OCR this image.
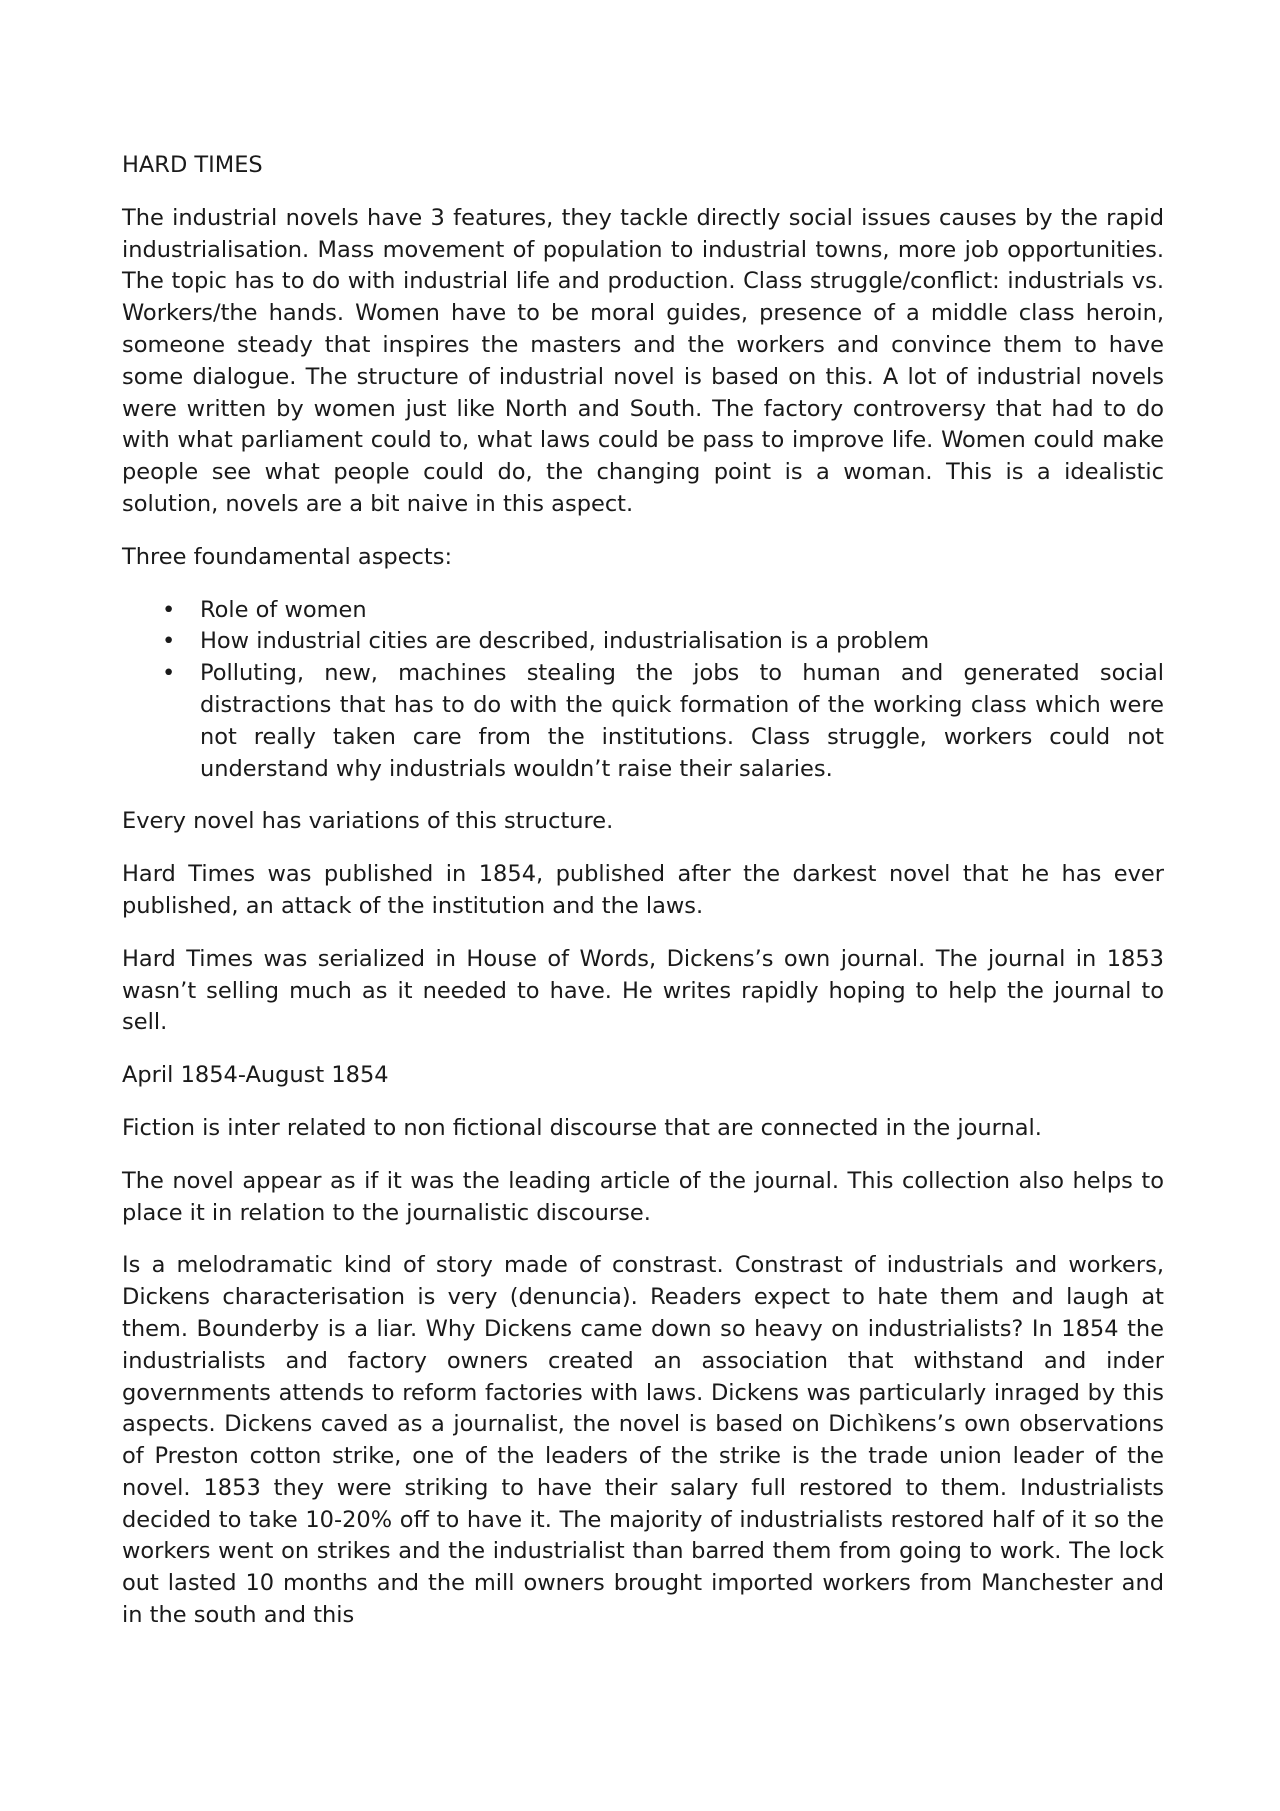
HARD TIMES

The industrial novels have 3 features, they tackle directly social issues causes by the rapid industrialisation. Mass movement of population to industrial towns, more job opportunities. The topic has to do with industrial life and production. Class struggle/conflict: industrials vs. Workers/the hands. Women have to be moral guides, presence of a middle class heroin, someone steady that inspires the masters and the workers and convince them to have some dialogue. The structure of industrial novel is based on this. A lot of industrial novels were written by women just like North and South. The factory controversy that had to do with what parliament could to, what laws could be pass to improve life. Women could make people see what people could do, the changing point is a woman. This is a idealistic solution, novels are a bit naive in this aspect.

Three foundamental aspects:

• Role of women
• How industrial cities are described, industrialisation is a problem
• Polluting, new, machines stealing the jobs to human and generated social distractions that has to do with the quick formation of the working class which were not really taken care from the institutions. Class struggle, workers could not understand why industrials wouldn’t raise their salaries.

Every novel has variations of this structure.

Hard Times was published in 1854, published after the darkest novel that he has ever published, an attack of the institution and the laws.

Hard Times was serialized in House of Words, Dickens’s own journal. The journal in 1853 wasn’t selling much as it needed to have. He writes rapidly hoping to help the journal to sell.

April 1854-August 1854

Fiction is inter related to non fictional discourse that are connected in the journal.

The novel appear as if it was the leading article of the journal. This collection also helps to place it in relation to the journalistic discourse.

Is a melodramatic kind of story made of constrast. Constrast of industrials and workers, Dickens characterisation is very (denuncia). Readers expect to hate them and laugh at them. Bounderby is a liar. Why Dickens came down so heavy on industrialists? In 1854 the industrialists and factory owners created an association that withstand and inder governments attends to reform factories with laws. Dickens was particularly inraged by this aspects. Dickens caved as a journalist, the novel is based on Dichìkens’s own observations of Preston cotton strike, one of the leaders of the strike is the trade union leader of the novel. 1853 they were striking to have their salary full restored to them. Industrialists decided to take 10-20% off to have it. The majority of industrialists restored half of it so the workers went on strikes and the industrialist than barred them from going to work. The lock out lasted 10 months and the mill owners brought imported workers from Manchester and in the south and this
